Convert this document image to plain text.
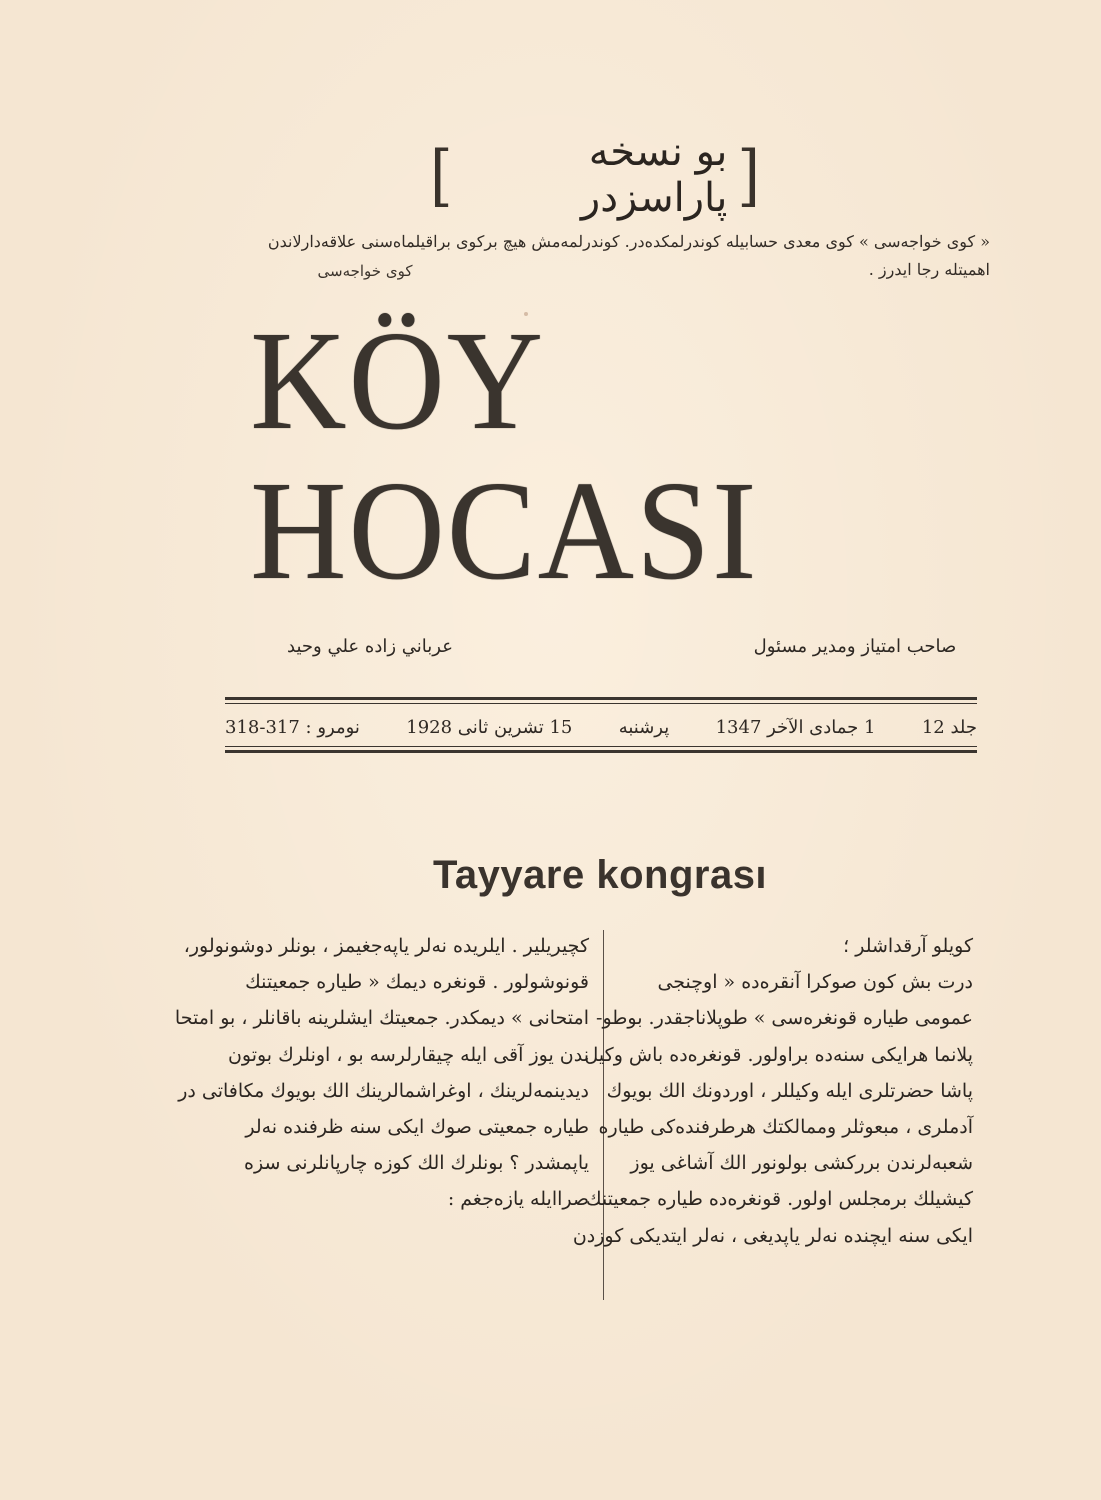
[	بو نسخه پاراسزدر ]
« كوى خواجه‌سى » كوى معدى حسابيله كوندرلمكده‌در. كوندرلمه‌مش هيچ بركوى براقيلماه‌سنى علاقه‌دارلاندن
اهميتله رجا ايدرز .
كوى خواجه‌سى
KÖY HOCASI
صاحب امتياز ومدير مسئول
عرباني زاده علي وحيد
جلد 12
1 جمادى الآخر 1347
پرشنبه
15 تشرين ثانى 1928
نومرو : 317-318
Tayyare kongrası
كويلو آرقداشلر ؛
درت بش كون صوكرا آنقره‌ده « اوچنجى
عمومى طياره قونغره‌سى » طوپلاناجقدر. بوطو-
پلانما هرايكى سنه‌ده براولور. قونغره‌ده باش وكيل
پاشا حضرتلرى ايله وكيللر ، اوردونك الك بويوك
آدملرى ، مبعوثلر وممالكتك هرطرفنده‌كى طياره
شعبه‌لرندن برركشى بولونور الك آشاغى يوز
كيشيلك برمجلس اولور. قونغره‌ده طياره جمعيتنك
ايكى سنه ايچنده نه‌لر ياپديغى ، نه‌لر ايتديكى كوزدن
كچيريلير . ايلريده نه‌لر ياپه‌جغيمز ، بونلر دوشونولور،
قونوشولور . قونغره ديمك « طياره جمعيتنك
امتحانى » ديمكدر. جمعيتك ايشلرينه باقانلر ، بو امتحا
ندن يوز آقى ايله چيقارلرسه بو ، اونلرك بوتون
ديدينمه‌لرينك ، اوغراشمالرينك الك بويوك مكافاتى در
طياره جمعيتى صوك ايكى سنه ظرفنده نه‌لر
ياپمشدر ؟ بونلرك الك كوزه چارپانلرنى سزه
صراايله يازه‌جغم :
